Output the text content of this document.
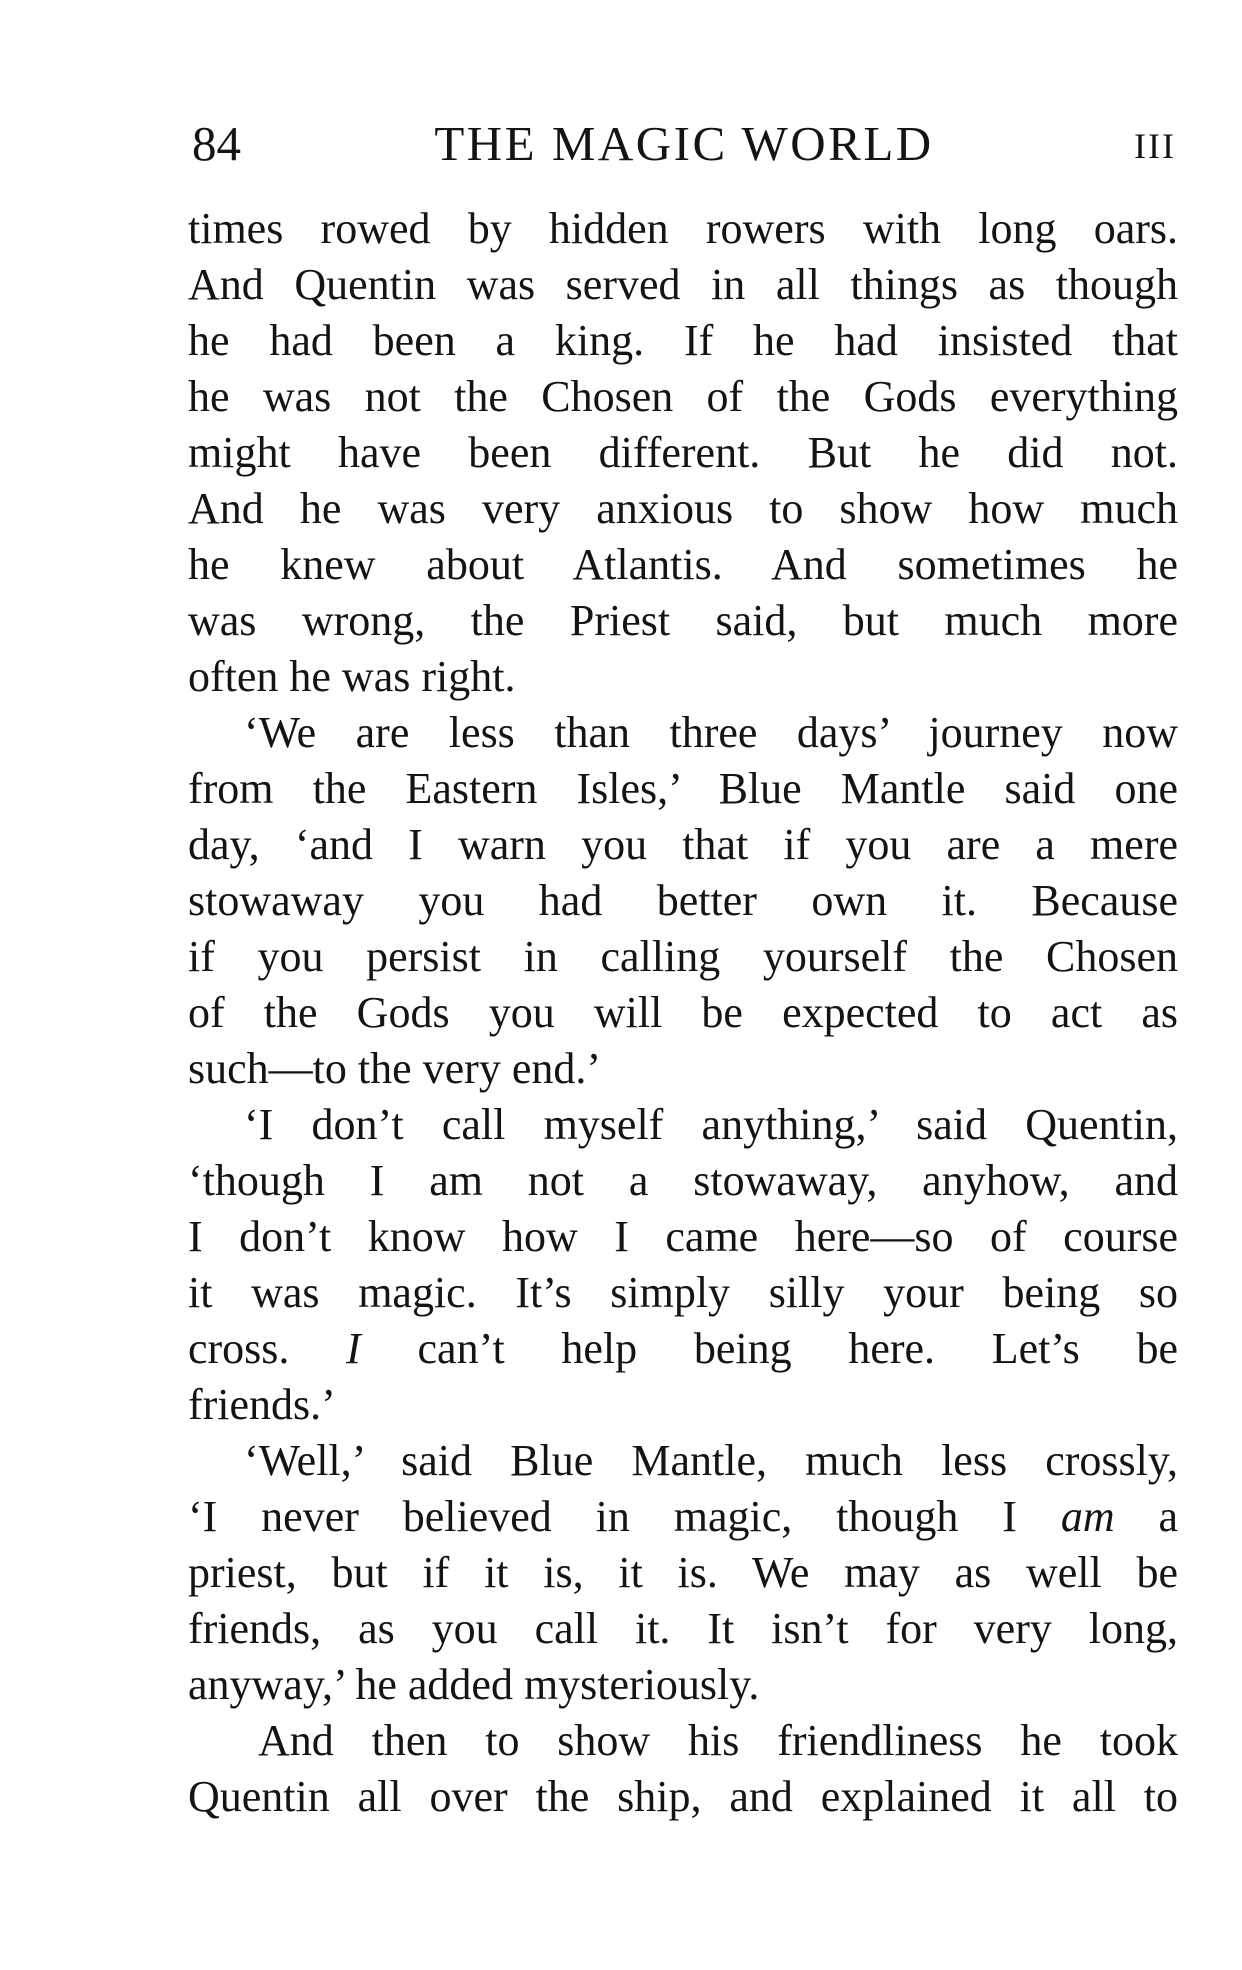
84	THE MAGIC WORLD	III
times rowed by hidden rowers with long oars.
And Quentin was served in all things as though
he had been a king. If he had insisted that
he was not the Chosen of the Gods everything
might have been different. But he did not.
And he was very anxious to show how much
he knew about Atlantis. And sometimes he
was wrong, the Priest said, but much more
often he was right.
‘We are less than three days’ journey now
from the Eastern Isles,’ Blue Mantle said one
day, ‘and I warn you that if you are a mere
stowaway you had better own it. Because
if you persist in calling yourself the Chosen
of the Gods you will be expected to act as
such—to the very end.’
‘I don’t call myself anything,’ said Quentin,
‘though I am not a stowaway, anyhow, and
I don’t know how I came here—so of course
it was magic. It’s simply silly your being so
cross. I can’t help being here. Let’s be
friends.’
‘Well,’ said Blue Mantle, much less crossly,
‘I never believed in magic, though I am a
priest, but if it is, it is. We may as well be
friends, as you call it. It isn’t for very long,
anyway,’ he added mysteriously.
And then to show his friendliness he took
Quentin all over the ship, and explained it all to
